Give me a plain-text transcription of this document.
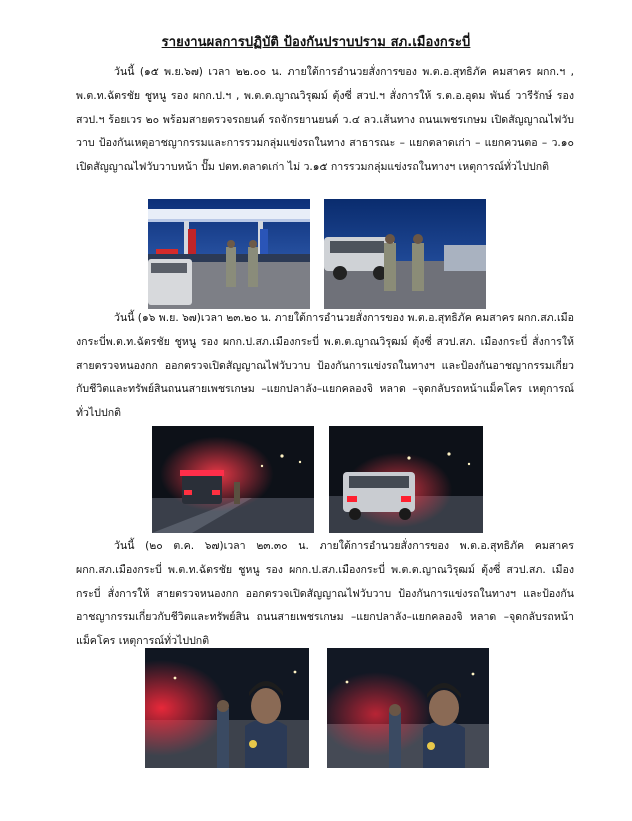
รายงานผลการปฏิบัติ ป้องกันปราบปราม สภ.เมืองกระบี่

วันนี้ (๑๕ พ.ย.๖๗) เวลา ๒๒.๐๐ น. ภายใต้การอำนวยสั่งการของ พ.ต.อ.สุทธิภัค คมสาคร ผกก.ฯ , พ.ต.ท.ฉัตรชัย ชูหนู รอง ผกก.ป.ฯ , พ.ต.ต.ญาณวิรุฒม์ ตุ้งซี่ สวป.ฯ สั่งการให้ ร.ต.อ.อุดม พันธ์ วารีรักษ์ รอง สวป.ฯ ร้อยเวร ๒๐ พร้อมสายตรวจรถยนต์ รถจักรยานยนต์ ว.๔ ลว.เส้นทาง ถนนเพชรเกษม เปิดสัญญาณไฟวับวาบ ป้องกันเหตุอาชญากรรมและการรวมกลุ่มแข่งรถในทาง สาธารณะ – แยกตลาดเก่า – แยกควนตอ – ว.๑๐ เปิดสัญญาณไฟวับวาบหน้า ปั๊ม ปตท.ตลาดเก่า ไม่ ว.๑๕ การรวมกลุ่มแข่งรถในทางฯ เหตุการณ์ทั่วไปปกติ

วันนี้ (๑๖ พ.ย. ๖๗)เวลา ๒๓.๒๐ น. ภายใต้การอำนวยสั่งการของ พ.ต.อ.สุทธิภัค คมสาคร ผกก.สภ.เมืองกระบี่พ.ต.ท.ฉัตรชัย ชูหนู รอง ผกก.ป.สภ.เมืองกระบี่ พ.ต.ต.ญาณวิรุฒม์ ตุ้งซี่ สวป.สภ. เมืองกระบี่ สั่งการให้ สายตรวจหนองกก ออกตรวจเปิดสัญญาณไฟวับวาบ ป้องกันการแข่งรถในทางฯ และป้องกันอาชญากรรมเกี่ยวกับชีวิตและทรัพย์สินถนนสายเพชรเกษม –แยกปลาลัง–แยกคลองจิ หลาด –จุดกลับรถหน้าแม็คโคร เหตุการณ์ทั่วไปปกติ

วันนี้ (๒๐ ต.ค. ๖๗)เวลา ๒๓.๓๐ น. ภายใต้การอำนวยสั่งการของ พ.ต.อ.สุทธิภัค คมสาคร ผกก.สภ.เมืองกระบี่ พ.ต.ท.ฉัตรชัย ชูหนู รอง ผกก.ป.สภ.เมืองกระบี่ พ.ต.ต.ญาณวิรุฒม์ ตุ้งซี่ สวป.สภ. เมืองกระบี่ สั่งการให้ สายตรวจหนองกก ออกตรวจเปิดสัญญาณไฟวับวาบ ป้องกันการแข่งรถในทางฯ และป้องกันอาชญากรรมเกี่ยวกับชีวิตและทรัพย์สิน ถนนสายเพชรเกษม –แยกปลาลัง–แยกคลองจิ หลาด –จุดกลับรถหน้าแม็คโคร เหตุการณ์ทั่วไปปกติ
